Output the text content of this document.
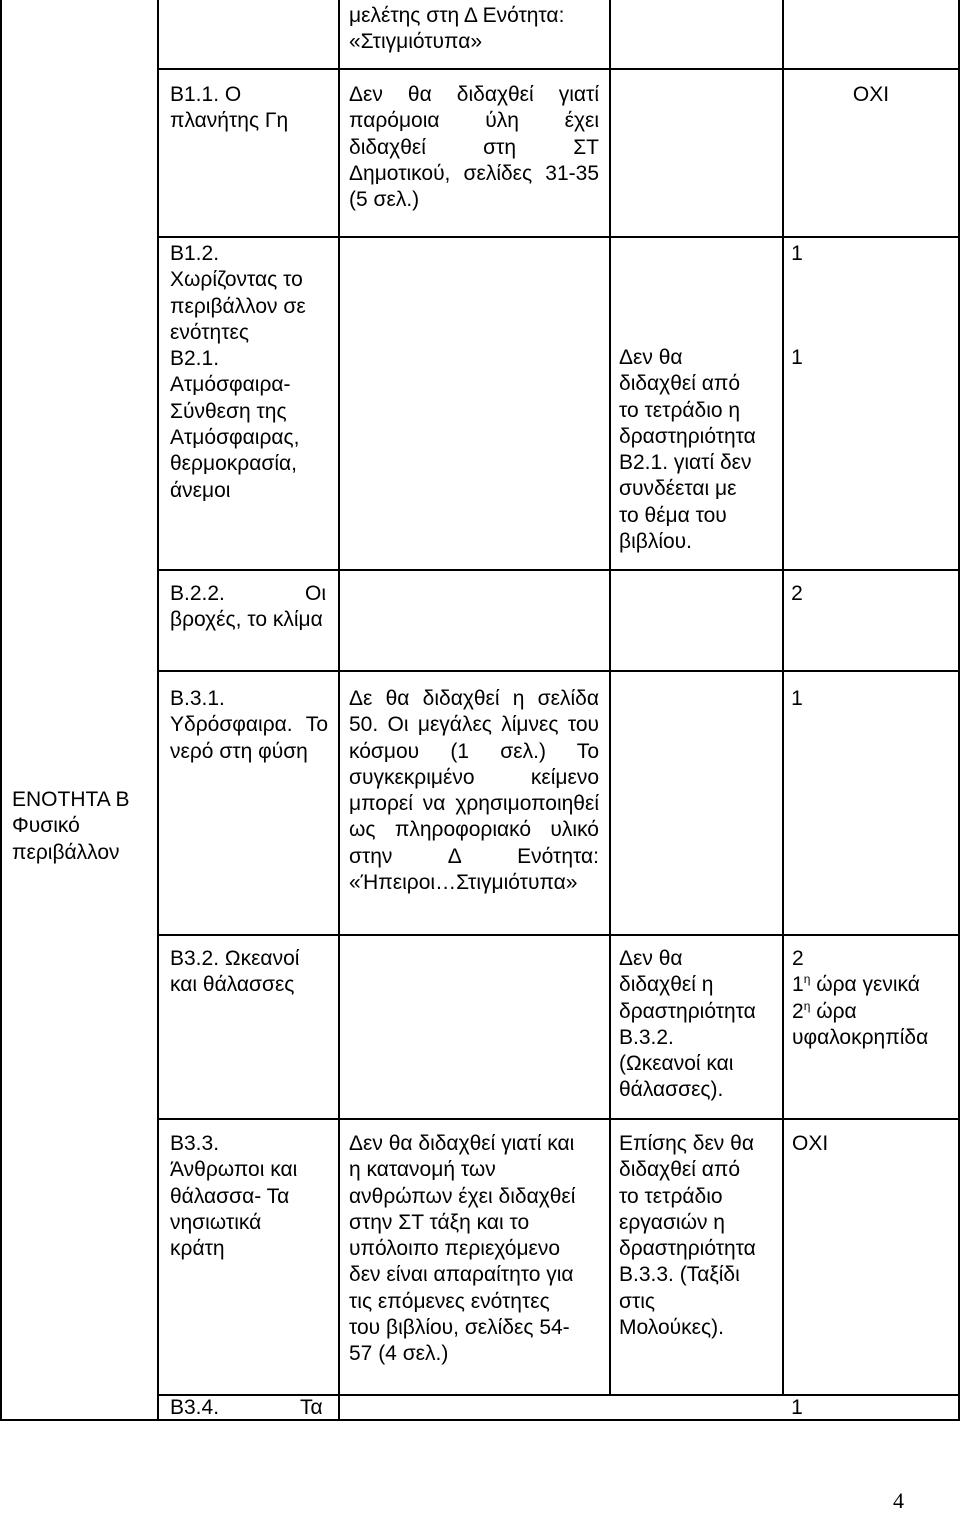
μελέτης στη Δ Ενότητα:
«Στιγμιότυπα»
Β1.1. Ο
πλανήτης Γη
Δεν θα διδαχθεί γιατί παρόμοια ύλη έχει διδαχθεί στη ΣΤ Δημοτικού, σελίδες 31-35 (5 σελ.)
ΟΧΙ
Β1.2.
Χωρίζοντας το
περιβάλλον σε
ενότητες
Β2.1.
Ατμόσφαιρα-
Σύνθεση της
Ατμόσφαιρας,
θερμοκρασία,
άνεμοι
Δεν θα
διδαχθεί από
το τετράδιο η
δραστηριότητα
Β2.1. γιατί δεν
συνδέεται με
το θέμα του
βιβλίου.
1
1
Β.2.2. Οι βροχές, το κλίμα
2
ΕΝΟΤΗΤΑ Β
Φυσικό
περιβάλλον
Β.3.1.
Υδρόσφαιρα. Το νερό στη φύση
Δε θα διδαχθεί η σελίδα 50. Οι μεγάλες λίμνες του κόσμου (1 σελ.) Το συγκεκριμένο κείμενο μπορεί να χρησιμοποιηθεί ως πληροφοριακό υλικό στην Δ Ενότητα: «Ήπειροι…Στιγμιότυπα»
1
Β3.2. Ωκεανοί
και θάλασσες
Δεν θα
διδαχθεί η
δραστηριότητα
Β.3.2.
(Ωκεανοί και
θάλασσες).
2
$1^\eta$ ώρα γενικά
$2^\eta$ ώρα
υφαλοκρηπίδα
Β3.3.
Άνθρωποι και
θάλασσα- Τα
νησιωτικά
κράτη
Δεν θα διδαχθεί γιατί και
η κατανομή των
ανθρώπων έχει διδαχθεί
στην ΣΤ τάξη και το
υπόλοιπο περιεχόμενο
δεν είναι απαραίτητο για
τις επόμενες ενότητες
του βιβλίου, σελίδες 54-
57 (4 σελ.)
Επίσης δεν θα
διδαχθεί από
το τετράδιο
εργασιών η
δραστηριότητα
Β.3.3. (Ταξίδι
στις
Μολούκες).
ΟΧΙ
Β3.4.	Τα	1
4
